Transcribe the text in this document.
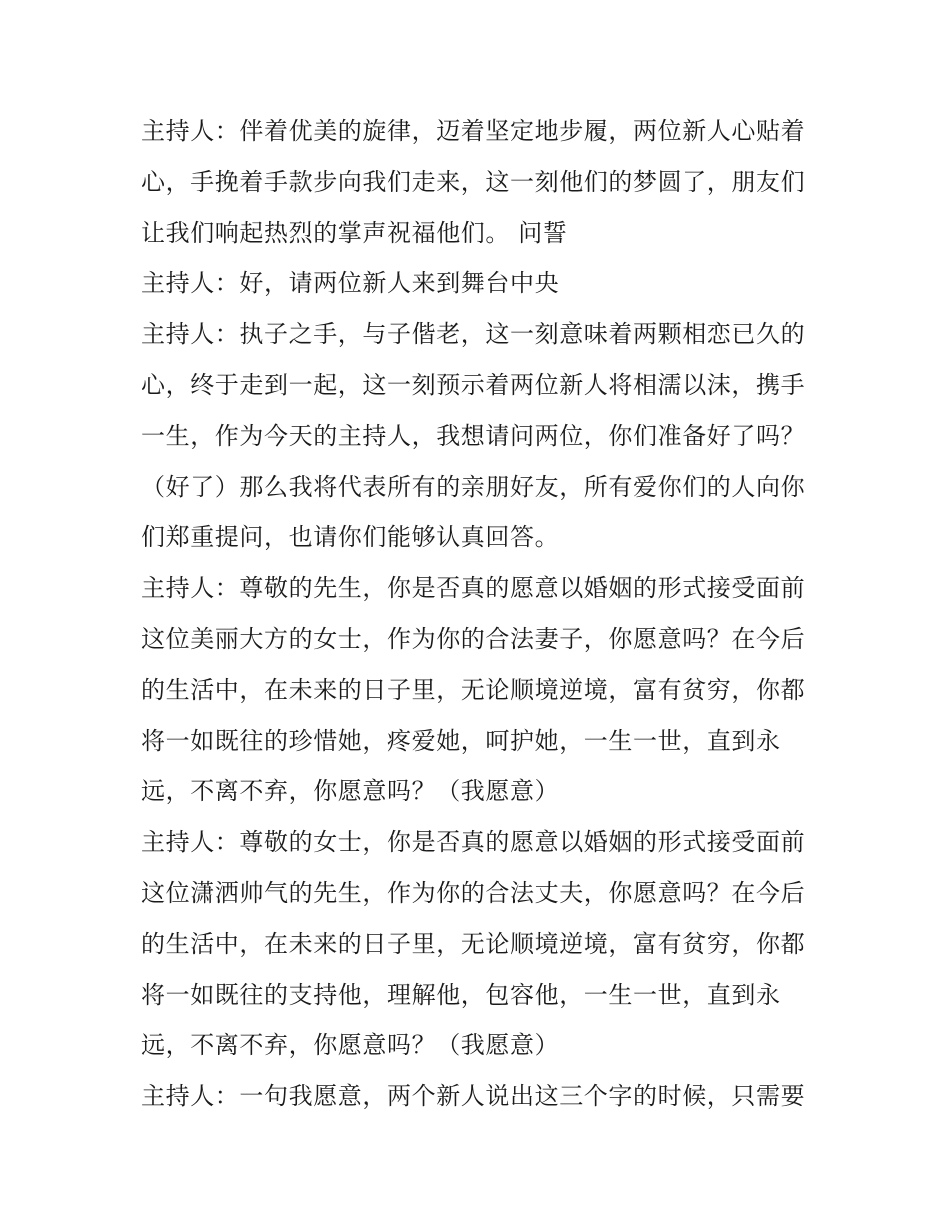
主持人：伴着优美的旋律，迈着坚定地步履，两位新人心贴着
心，手挽着手款步向我们走来，这一刻他们的梦圆了，朋友们
让我们响起热烈的掌声祝福他们。 问誓
主持人：好，请两位新人来到舞台中央
主持人：执子之手，与子偕老，这一刻意味着两颗相恋已久的
心，终于走到一起，这一刻预示着两位新人将相濡以沫，携手
一生，作为今天的主持人，我想请问两位，你们准备好了吗？
（好了）那么我将代表所有的亲朋好友，所有爱你们的人向你
们郑重提问，也请你们能够认真回答。
主持人：尊敬的先生，你是否真的愿意以婚姻的形式接受面前
这位美丽大方的女士，作为你的合法妻子，你愿意吗？在今后
的生活中，在未来的日子里，无论顺境逆境，富有贫穷，你都
将一如既往的珍惜她，疼爱她，呵护她，一生一世，直到永
远，不离不弃，你愿意吗？（我愿意）
主持人：尊敬的女士，你是否真的愿意以婚姻的形式接受面前
这位潇洒帅气的先生，作为你的合法丈夫，你愿意吗？在今后
的生活中，在未来的日子里，无论顺境逆境，富有贫穷，你都
将一如既往的支持他，理解他，包容他，一生一世，直到永
远，不离不弃，你愿意吗？（我愿意）
主持人：一句我愿意，两个新人说出这三个字的时候，只需要
